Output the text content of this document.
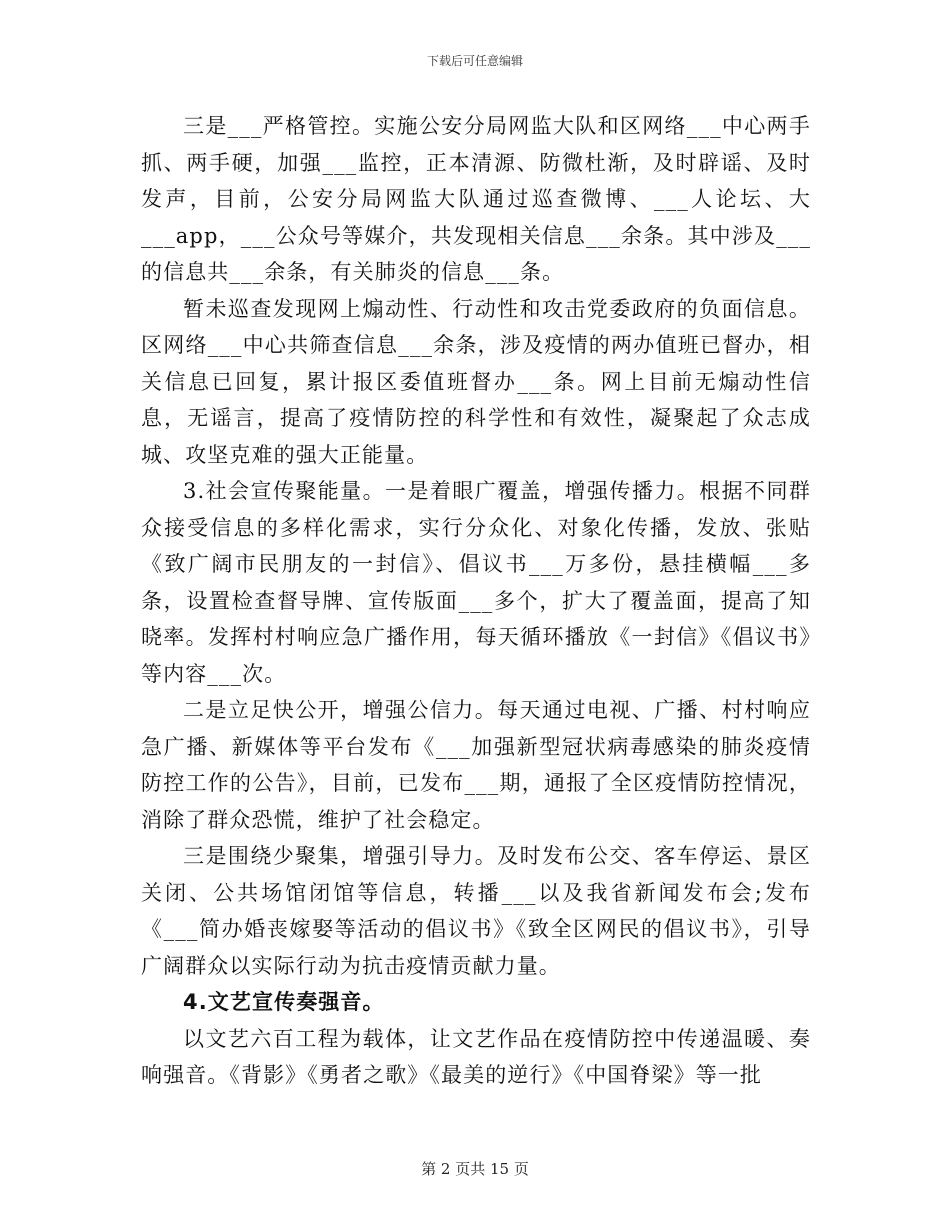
下载后可任意编辑

三是___严格管控。实施公安分局网监大队和区网络___中心两手抓、两手硬，加强___监控，正本清源、防微杜渐，及时辟谣、及时发声，目前，公安分局网监大队通过巡查微博、___人论坛、大___app，___公众号等媒介，共发现相关信息___余条。其中涉及___的信息共___余条，有关肺炎的信息___条。

暂未巡查发现网上煽动性、行动性和攻击党委政府的负面信息。区网络___中心共筛查信息___余条，涉及疫情的两办值班已督办，相关信息已回复，累计报区委值班督办___条。网上目前无煽动性信息，无谣言，提高了疫情防控的科学性和有效性，凝聚起了众志成城、攻坚克难的强大正能量。

3.社会宣传聚能量。一是着眼广覆盖，增强传播力。根据不同群众接受信息的多样化需求，实行分众化、对象化传播，发放、张贴《致广阔市民朋友的一封信》、倡议书___万多份，悬挂横幅___多条，设置检查督导牌、宣传版面___多个，扩大了覆盖面，提高了知晓率。发挥村村响应急广播作用，每天循环播放《一封信》《倡议书》等内容___次。

二是立足快公开，增强公信力。每天通过电视、广播、村村响应急广播、新媒体等平台发布《___加强新型冠状病毒感染的肺炎疫情防控工作的公告》，目前，已发布___期，通报了全区疫情防控情况，消除了群众恐慌，维护了社会稳定。

三是围绕少聚集，增强引导力。及时发布公交、客车停运、景区关闭、公共场馆闭馆等信息，转播___以及我省新闻发布会;发布《___简办婚丧嫁娶等活动的倡议书》《致全区网民的倡议书》，引导广阔群众以实际行动为抗击疫情贡献力量。

4.文艺宣传奏强音。

以文艺六百工程为载体，让文艺作品在疫情防控中传递温暖、奏响强音。《背影》《勇者之歌》《最美的逆行》《中国脊梁》等一批

第 2 页共 15 页
